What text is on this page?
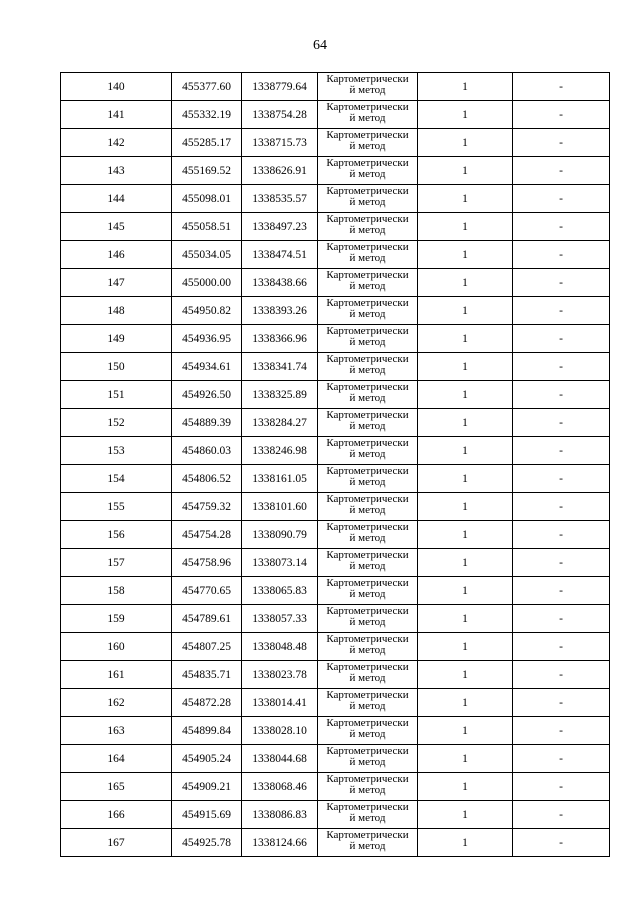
64
140	455377.60	1338779.64	Картометрически
й метод	1	-
141	455332.19	1338754.28	Картометрически
й метод	1	-
142	455285.17	1338715.73	Картометрически
й метод	1	-
143	455169.52	1338626.91	Картометрически
й метод	1	-
144	455098.01	1338535.57	Картометрически
й метод	1	-
145	455058.51	1338497.23	Картометрически
й метод	1	-
146	455034.05	1338474.51	Картометрически
й метод	1	-
147	455000.00	1338438.66	Картометрически
й метод	1	-
148	454950.82	1338393.26	Картометрически
й метод	1	-
149	454936.95	1338366.96	Картометрически
й метод	1	-
150	454934.61	1338341.74	Картометрически
й метод	1	-
151	454926.50	1338325.89	Картометрически
й метод	1	-
152	454889.39	1338284.27	Картометрически
й метод	1	-
153	454860.03	1338246.98	Картометрически
й метод	1	-
154	454806.52	1338161.05	Картометрически
й метод	1	-
155	454759.32	1338101.60	Картометрически
й метод	1	-
156	454754.28	1338090.79	Картометрически
й метод	1	-
157	454758.96	1338073.14	Картометрически
й метод	1	-
158	454770.65	1338065.83	Картометрически
й метод	1	-
159	454789.61	1338057.33	Картометрически
й метод	1	-
160	454807.25	1338048.48	Картометрически
й метод	1	-
161	454835.71	1338023.78	Картометрически
й метод	1	-
162	454872.28	1338014.41	Картометрически
й метод	1	-
163	454899.84	1338028.10	Картометрически
й метод	1	-
164	454905.24	1338044.68	Картометрически
й метод	1	-
165	454909.21	1338068.46	Картометрически
й метод	1	-
166	454915.69	1338086.83	Картометрически
й метод	1	-
167	454925.78	1338124.66	Картометрически
й метод	1	-
